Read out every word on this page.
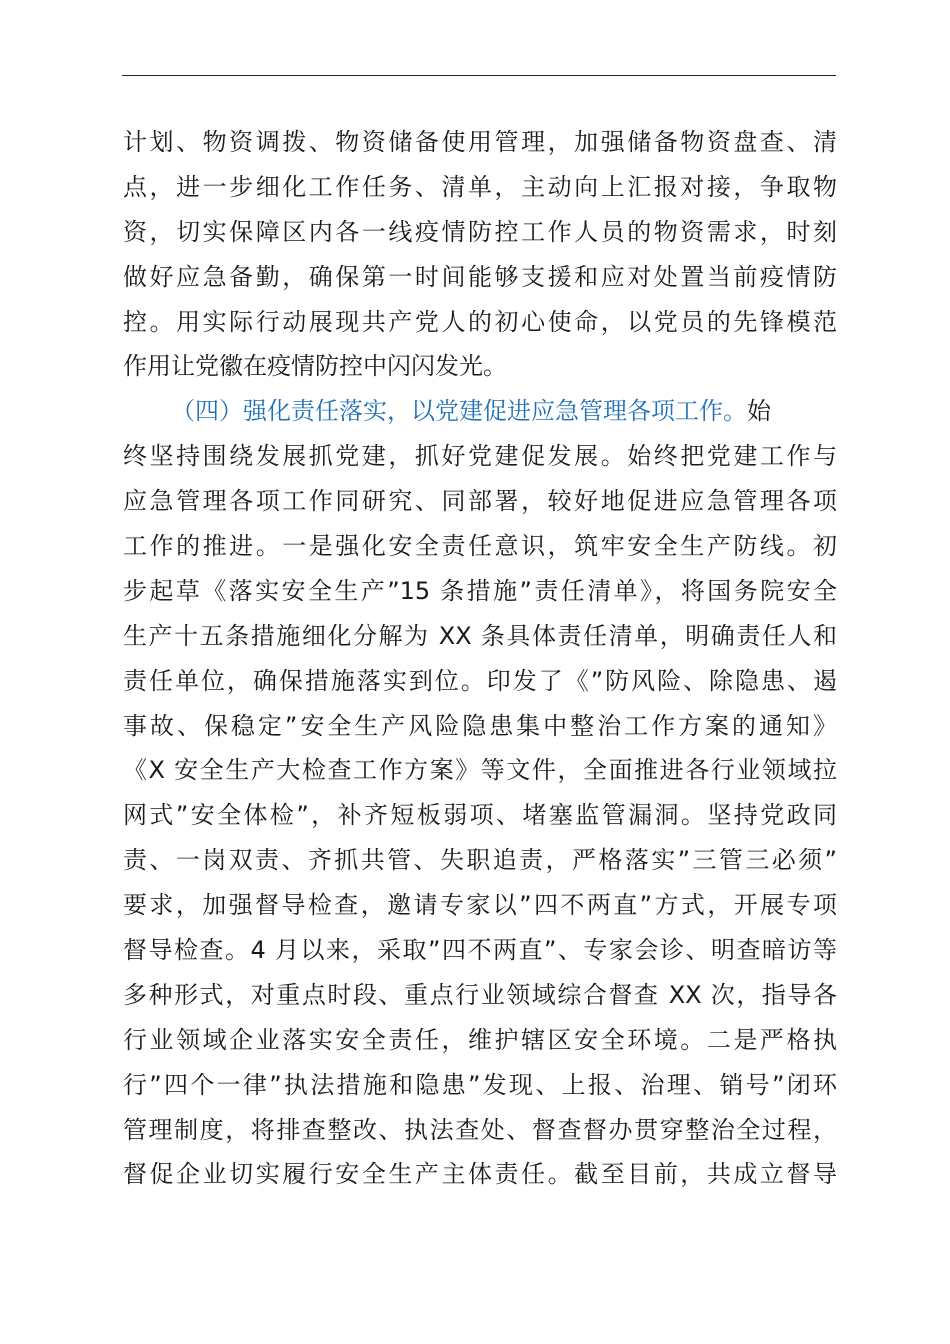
计划、物资调拨、物资储备使用管理，加强储备物资盘查、清
点，进一步细化工作任务、清单，主动向上汇报对接，争取物
资，切实保障区内各一线疫情防控工作人员的物资需求，时刻
做好应急备勤，确保第一时间能够支援和应对处置当前疫情防
控。用实际行动展现共产党人的初心使命，以党员的先锋模范
作用让党徽在疫情防控中闪闪发光。
（四）强化责任落实，以党建促进应急管理各项工作。始
终坚持围绕发展抓党建，抓好党建促发展。始终把党建工作与
应急管理各项工作同研究、同部署，较好地促进应急管理各项
工作的推进。一是强化安全责任意识，筑牢安全生产防线。初
步起草《落实安全生产”15 条措施”责任清单》，将国务院安全
生产十五条措施细化分解为 XX 条具体责任清单，明确责任人和
责任单位，确保措施落实到位。印发了《”防风险、除隐患、遏
事故、保稳定”安全生产风险隐患集中整治工作方案的通知》
《X 安全生产大检查工作方案》等文件，全面推进各行业领域拉
网式”安全体检”，补齐短板弱项、堵塞监管漏洞。坚持党政同
责、一岗双责、齐抓共管、失职追责，严格落实”三管三必须”
要求，加强督导检查，邀请专家以”四不两直”方式，开展专项
督导检查。4 月以来，采取”四不两直”、专家会诊、明查暗访等
多种形式，对重点时段、重点行业领域综合督查 XX 次，指导各
行业领域企业落实安全责任，维护辖区安全环境。二是严格执
行”四个一律”执法措施和隐患”发现、上报、治理、销号”闭环
管理制度，将排查整改、执法查处、督查督办贯穿整治全过程，
督促企业切实履行安全生产主体责任。截至目前，共成立督导
